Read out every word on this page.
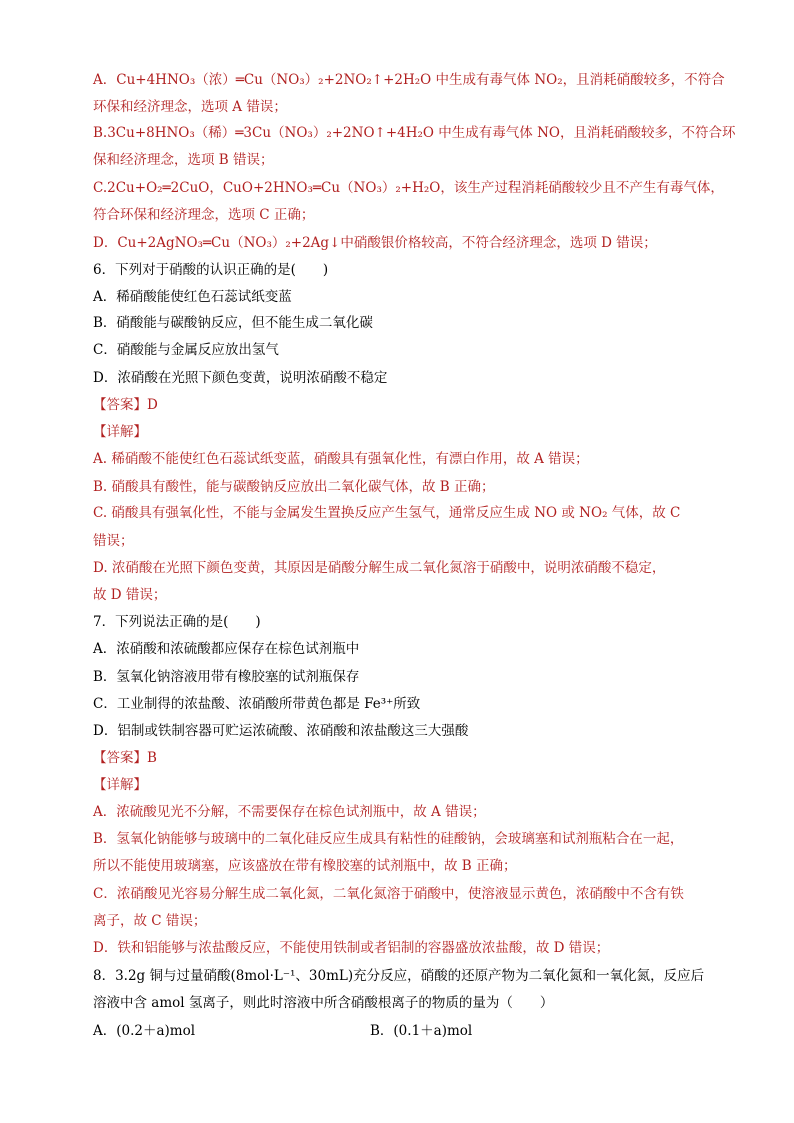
A．Cu+4HNO₃（浓）═Cu（NO₃）₂+2NO₂↑+2H₂O 中生成有毒气体 NO₂，且消耗硝酸较多，不符合
环保和经济理念，选项 A 错误；
B.3Cu+8HNO₃（稀）═3Cu（NO₃）₂+2NO↑+4H₂O 中生成有毒气体 NO，且消耗硝酸较多，不符合环
保和经济理念，选项 B 错误；
C.2Cu+O₂═2CuO，CuO+2HNO₃═Cu（NO₃）₂+H₂O，该生产过程消耗硝酸较少且不产生有毒气体，
符合环保和经济理念，选项 C 正确；
D．Cu+2AgNO₃═Cu（NO₃）₂+2Ag↓中硝酸银价格较高，不符合经济理念，选项 D 错误；
6．下列对于硝酸的认识正确的是(　　)
A．稀硝酸能使红色石蕊试纸变蓝
B．硝酸能与碳酸钠反应，但不能生成二氧化碳
C．硝酸能与金属反应放出氢气
D．浓硝酸在光照下颜色变黄，说明浓硝酸不稳定
【答案】D
【详解】
A. 稀硝酸不能使红色石蕊试纸变蓝，硝酸具有强氧化性，有漂白作用，故 A 错误；
B. 硝酸具有酸性，能与碳酸钠反应放出二氧化碳气体，故 B 正确；
C. 硝酸具有强氧化性，不能与金属发生置换反应产生氢气，通常反应生成 NO 或 NO₂ 气体，故 C
错误；
D. 浓硝酸在光照下颜色变黄，其原因是硝酸分解生成二氧化氮溶于硝酸中，说明浓硝酸不稳定，
故 D 错误；
7．下列说法正确的是(　　)
A．浓硝酸和浓硫酸都应保存在棕色试剂瓶中
B．氢氧化钠溶液用带有橡胶塞的试剂瓶保存
C．工业制得的浓盐酸、浓硝酸所带黄色都是 Fe³⁺所致
D．铝制或铁制容器可贮运浓硫酸、浓硝酸和浓盐酸这三大强酸
【答案】B
【详解】
A．浓硫酸见光不分解，不需要保存在棕色试剂瓶中，故 A 错误；
B．氢氧化钠能够与玻璃中的二氧化硅反应生成具有粘性的硅酸钠，会玻璃塞和试剂瓶粘合在一起，
所以不能使用玻璃塞，应该盛放在带有橡胶塞的试剂瓶中，故 B 正确；
C．浓硝酸见光容易分解生成二氧化氮，二氧化氮溶于硝酸中，使溶液显示黄色，浓硝酸中不含有铁
离子，故 C 错误；
D．铁和铝能够与浓盐酸反应，不能使用铁制或者铝制的容器盛放浓盐酸，故 D 错误；
8．3.2g 铜与过量硝酸(8mol·L⁻¹、30mL)充分反应，硝酸的还原产物为二氧化氮和一氧化氮，反应后
溶液中含 amol 氢离子，则此时溶液中所含硝酸根离子的物质的量为（　　）
A．(0.2＋a)mol	B．(0.1＋a)mol
